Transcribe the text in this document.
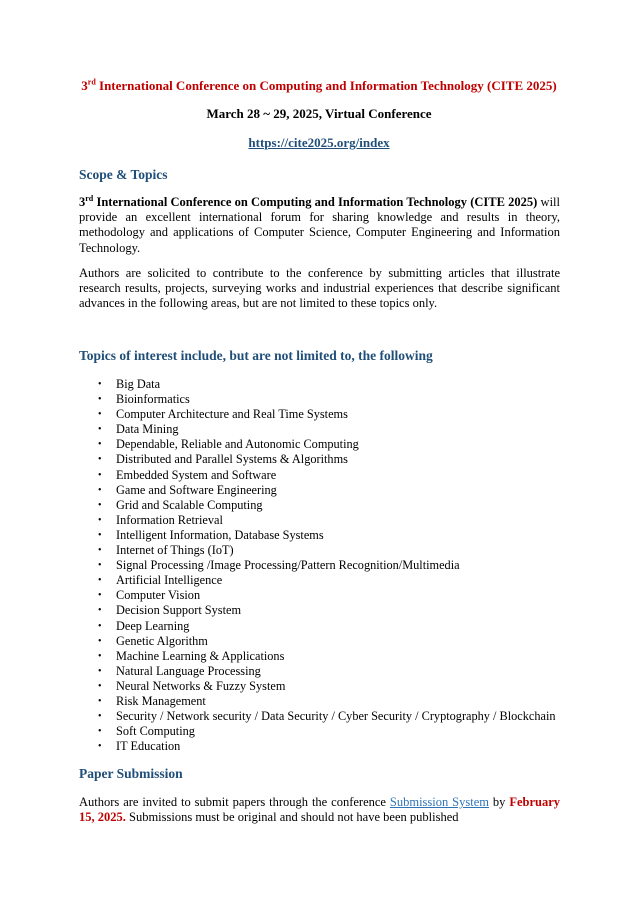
3rd International Conference on Computing and Information Technology (CITE 2025)
March 28 ~ 29, 2025, Virtual Conference
https://cite2025.org/index
Scope & Topics

3rd International Conference on Computing and Information Technology (CITE 2025) will provide an excellent international forum for sharing knowledge and results in theory, methodology and applications of Computer Science, Computer Engineering and Information Technology.

Authors are solicited to contribute to the conference by submitting articles that illustrate research results, projects, surveying works and industrial experiences that describe significant advances in the following areas, but are not limited to these topics only.

Topics of interest include, but are not limited to, the following
• Big Data
• Bioinformatics
• Computer Architecture and Real Time Systems
• Data Mining
• Dependable, Reliable and Autonomic Computing
• Distributed and Parallel Systems & Algorithms
• Embedded System and Software
• Game and Software Engineering
• Grid and Scalable Computing
• Information Retrieval
• Intelligent Information, Database Systems
• Internet of Things (IoT)
• Signal Processing /Image Processing/Pattern Recognition/Multimedia
• Artificial Intelligence
• Computer Vision
• Decision Support System
• Deep Learning
• Genetic Algorithm
• Machine Learning & Applications
• Natural Language Processing
• Neural Networks & Fuzzy System
• Risk Management
• Security / Network security / Data Security / Cyber Security / Cryptography / Blockchain
• Soft Computing
• IT Education
Paper Submission

Authors are invited to submit papers through the conference Submission System by February 15, 2025. Submissions must be original and should not have been published
